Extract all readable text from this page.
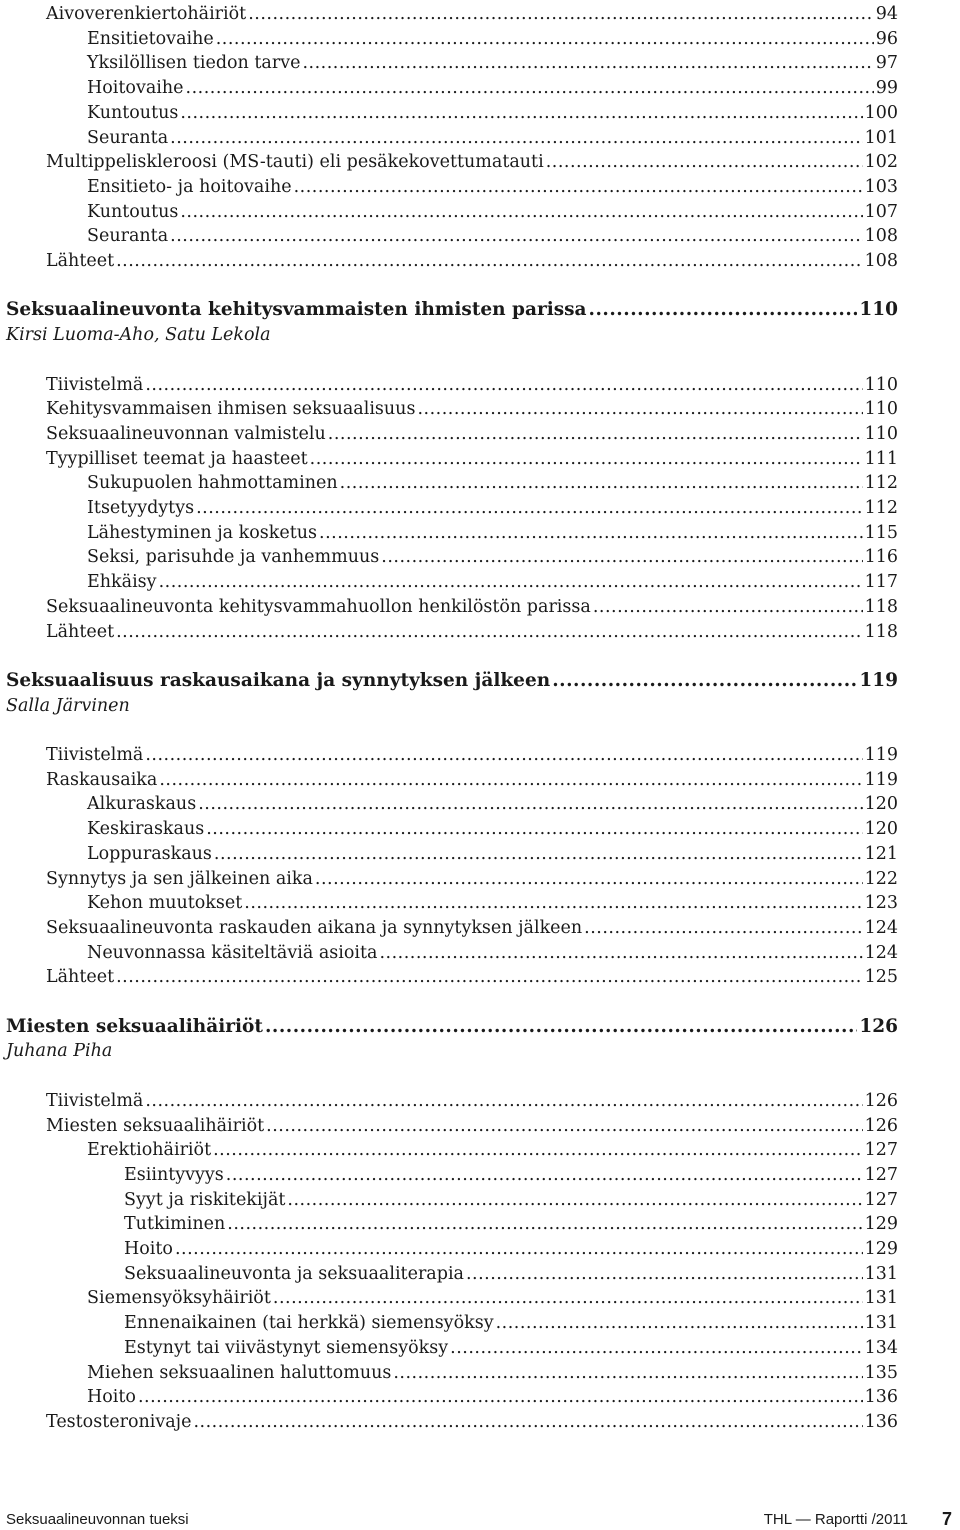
Aivoverenkiertohäiriöt .....	94
Ensitietovaihe .....	96
Yksilöllisen tiedon tarve .....	97
Hoitovaihe .....	99
Kuntoutus .....	100
Seuranta .....	101
Multippeliskleroosi (MS-tauti) eli pesäkekovettumatauti .....	102
Ensitieto- ja hoitovaihe .....	103
Kuntoutus .....	107
Seuranta .....	108
Lähteet .....	108
Seksuaalineuvonta kehitysvammaisten ihmisten parissa .....	110
Kirsi Luoma-Aho, Satu Lekola
Tiivistelmä .....	110
Kehitysvammaisen ihmisen seksuaalisuus .....	110
Seksuaalineuvonnan valmistelu .....	110
Tyypilliset teemat ja haasteet .....	111
Sukupuolen hahmottaminen .....	112
Itsetyydytys .....	112
Lähestyminen ja kosketus .....	115
Seksi, parisuhde ja vanhemmuus .....	116
Ehkäisy .....	117
Seksuaalineuvonta kehitysvammahuollon henkilöstön parissa .....	118
Lähteet .....	118
Seksuaalisuus raskausaikana ja synnytyksen jälkeen .....	119
Salla Järvinen
Tiivistelmä .....	119
Raskausaika .....	119
Alkuraskaus .....	120
Keskiraskaus .....	120
Loppuraskaus .....	121
Synnytys ja sen jälkeinen aika .....	122
Kehon muutokset .....	123
Seksuaalineuvonta raskauden aikana ja synnytyksen jälkeen .....	124
Neuvonnassa käsiteltäviä asioita .....	124
Lähteet .....	125
Miesten seksuaalihäiriöt .....	126
Juhana Piha
Tiivistelmä .....	126
Miesten seksuaalihäiriöt .....	126
Erektiohäiriöt .....	127
Esiintyvyys .....	127
Syyt ja riskitekijät .....	127
Tutkiminen .....	129
Hoito .....	129
Seksuaalineuvonta ja seksuaaliterapia .....	131
Siemensyöksyhäiriöt .....	131
Ennenaikainen (tai herkkä) siemensyöksy .....	131
Estynyt tai viivästynyt siemensyöksy .....	134
Miehen seksuaalinen haluttomuus .....	135
Hoito .....	136
Testosteronivaje .....	136
Seksuaalineuvonnan tueksi	THL — Raportti /2011 7
